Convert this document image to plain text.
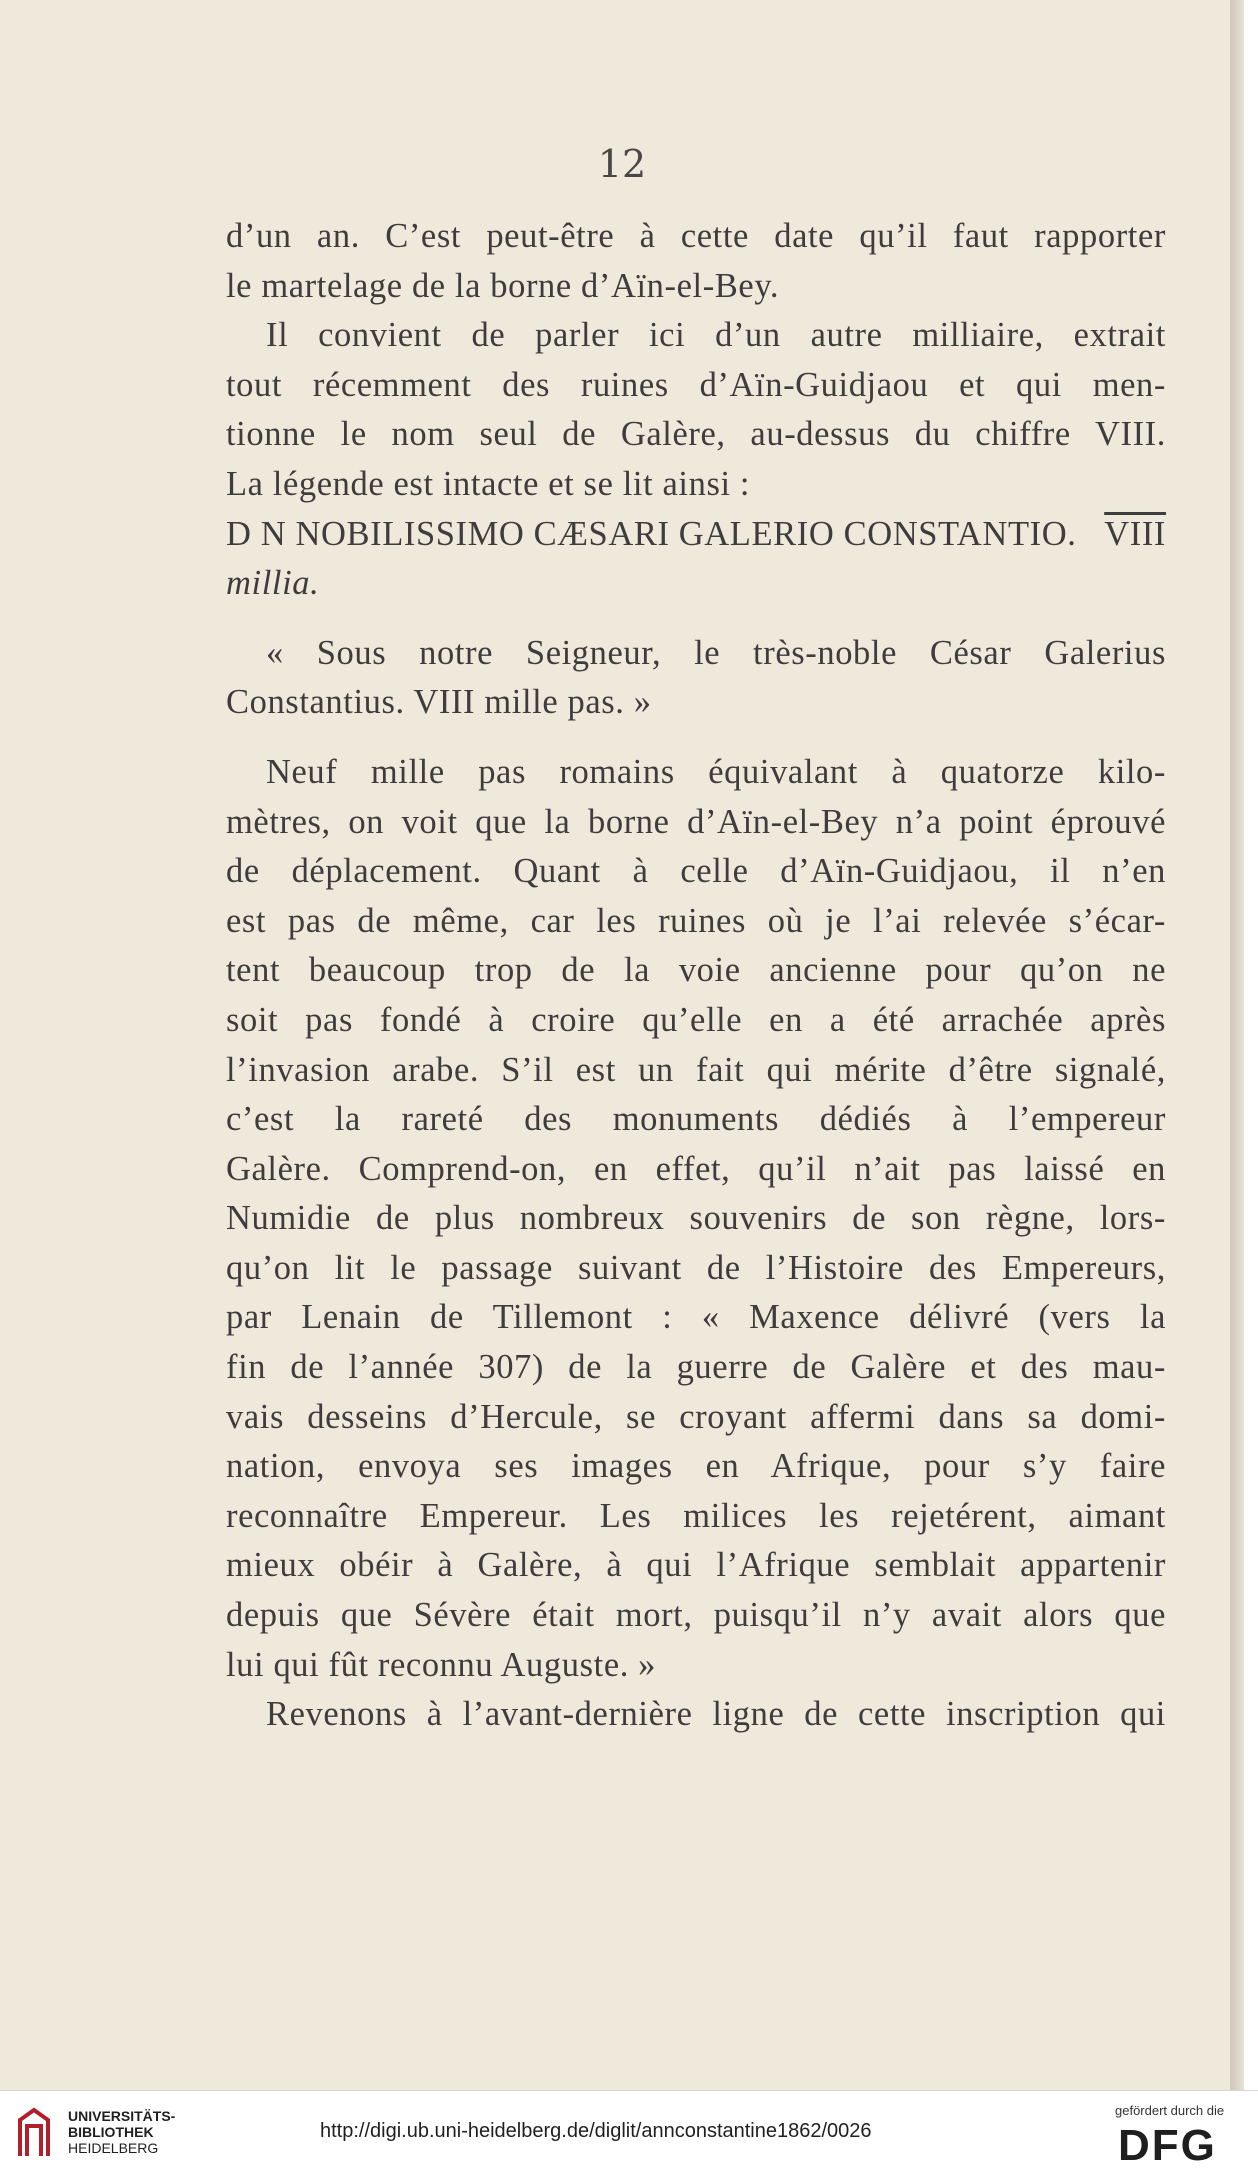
12
d’un an. C’est peut-être à cette date qu’il faut rapporter
le martelage de la borne d’Aïn-el-Bey.
Il convient de parler ici d’un autre milliaire, extrait
tout récemment des ruines d’Aïn-Guidjaou et qui men-
tionne le nom seul de Galère, au-dessus du chiffre VIII.
La légende est intacte et se lit ainsi :
D N NOBILISSIMO CÆSARI GALERIO CONSTANTIO. VIII
millia.
« Sous notre Seigneur, le très-noble César Galerius
Constantius. VIII mille pas. »
Neuf mille pas romains équivalant à quatorze kilo-
mètres, on voit que la borne d’Aïn-el-Bey n’a point éprouvé
de déplacement. Quant à celle d’Aïn-Guidjaou, il n’en
est pas de même, car les ruines où je l’ai relevée s’écar-
tent beaucoup trop de la voie ancienne pour qu’on ne
soit pas fondé à croire qu’elle en a été arrachée après
l’invasion arabe. S’il est un fait qui mérite d’être signalé,
c’est la rareté des monuments dédiés à l’empereur
Galère. Comprend-on, en effet, qu’il n’ait pas laissé en
Numidie de plus nombreux souvenirs de son règne, lors-
qu’on lit le passage suivant de l’Histoire des Empereurs,
par Lenain de Tillemont : « Maxence délivré (vers la
fin de l’année 307) de la guerre de Galère et des mau-
vais desseins d’Hercule, se croyant affermi dans sa domi-
nation, envoya ses images en Afrique, pour s’y faire
reconnaître Empereur. Les milices les rejetérent, aimant
mieux obéir à Galère, à qui l’Afrique semblait appartenir
depuis que Sévère était mort, puisqu’il n’y avait alors que
lui qui fût reconnu Auguste. »
Revenons à l’avant-dernière ligne de cette inscription qui
UNIVERSITÄTS-
BIBLIOTHEK
HEIDELBERG
http://digi.ub.uni-heidelberg.de/diglit/annconstantine1862/0026
gefördert durch die
DFG
